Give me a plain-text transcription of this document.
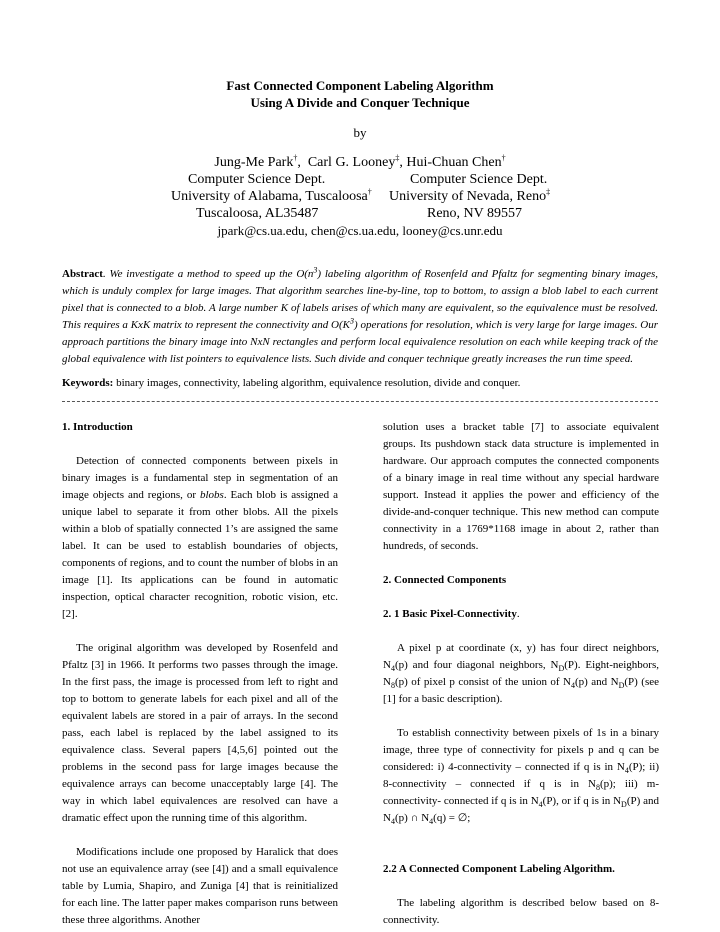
Fast Connected Component Labeling Algorithm
Using A Divide and Conquer Technique
by
Jung-Me Park†,  Carl G. Looney‡, Hui-Chuan Chen†
Computer Science Dept.	Computer Science Dept.
University of Alabama, Tuscaloosa† University of Nevada, Reno‡
Tuscaloosa, AL35487	Reno, NV 89557
jpark@cs.ua.edu, chen@cs.ua.edu, looney@cs.unr.edu
Abstract. We investigate a method to speed up the $O(n^3)$ labeling algorithm of Rosenfeld and Pfaltz for segmenting binary images, which is unduly complex for large images. That algorithm searches line-by-line, top to bottom, to assign a blob label to each current pixel that is connected to a blob. A large number K of labels arises of which many are equivalent, so the equivalence must be resolved. This requires a KxK matrix to represent the connectivity and $O(K^3)$ operations for resolution, which is very large for large images. Our approach partitions the binary image into NxN rectangles and perform local equivalence resolution on each while keeping track of the global equivalence with list pointers to equivalence lists. Such divide and conquer technique greatly increases the run time speed.
Keywords: binary images, connectivity, labeling algorithm, equivalence resolution, divide and conquer.

1. Introduction

Detection of connected components between pixels in binary images is a fundamental step in segmentation of an image objects and regions, or blobs. Each blob is assigned a unique label to separate it from other blobs. All the pixels within a blob of spatially connected 1’s are assigned the same label. It can be used to establish boundaries of objects, components of regions, and to count the number of blobs in an image [1]. Its applications can be found in automatic inspection, optical character recognition, robotic vision, etc. [2].

The original algorithm was developed by Rosenfeld and Pfaltz [3] in 1966. It performs two passes through the image. In the first pass, the image is processed from left to right and top to bottom to generate labels for each pixel and all of the equivalent labels are stored in a pair of arrays. In the second pass, each label is replaced by the label assigned to its equivalence class. Several papers [4,5,6] pointed out the problems in the second pass for large images because the equivalence arrays can become unacceptably large [4]. The way in which label equivalences are resolved can have a dramatic effect upon the running time of this algorithm.

Modifications include one proposed by Haralick that does not use an equivalence array (see [4]) and a small equivalence table by Lumia, Shapiro, and Zuniga [4] that is reinitialized for each line. The latter paper makes comparison runs between these three algorithms. Another

solution uses a bracket table [7] to associate equivalent groups. Its pushdown stack data structure is implemented in hardware. Our approach computes the connected components of a binary image in real time without any special hardware support. Instead it applies the power and efficiency of the divide-and-conquer technique. This new method can compute connectivity in a 1769*1168 image in about 2, rather than hundreds, of seconds.

2. Connected Components

2. 1 Basic Pixel-Connectivity.

A pixel p at coordinate (x, y) has four direct neighbors, $N_4(p)$ and four diagonal neighbors, $N_D(P)$. Eight-neighbors, $N_8(p)$ of pixel p consist of the union of $N_4(p)$ and $N_D(P)$ (see [1] for a basic description).

To establish connectivity between pixels of 1s in a binary image, three type of connectivity for pixels p and q can be considered: i) 4-connectivity – connected if q is in $N_4(P)$; ii) 8-connectivity – connected if q is in $N_8(p)$; iii) m-connectivity- connected if q is in $N_4(P)$, or if q is in $N_D(P)$ and $N_4(p)$ ∩ $N_4(q)$ = ∅;

2.2 A Connected Component Labeling Algorithm.

The labeling algorithm is described below based on 8-connectivity.
